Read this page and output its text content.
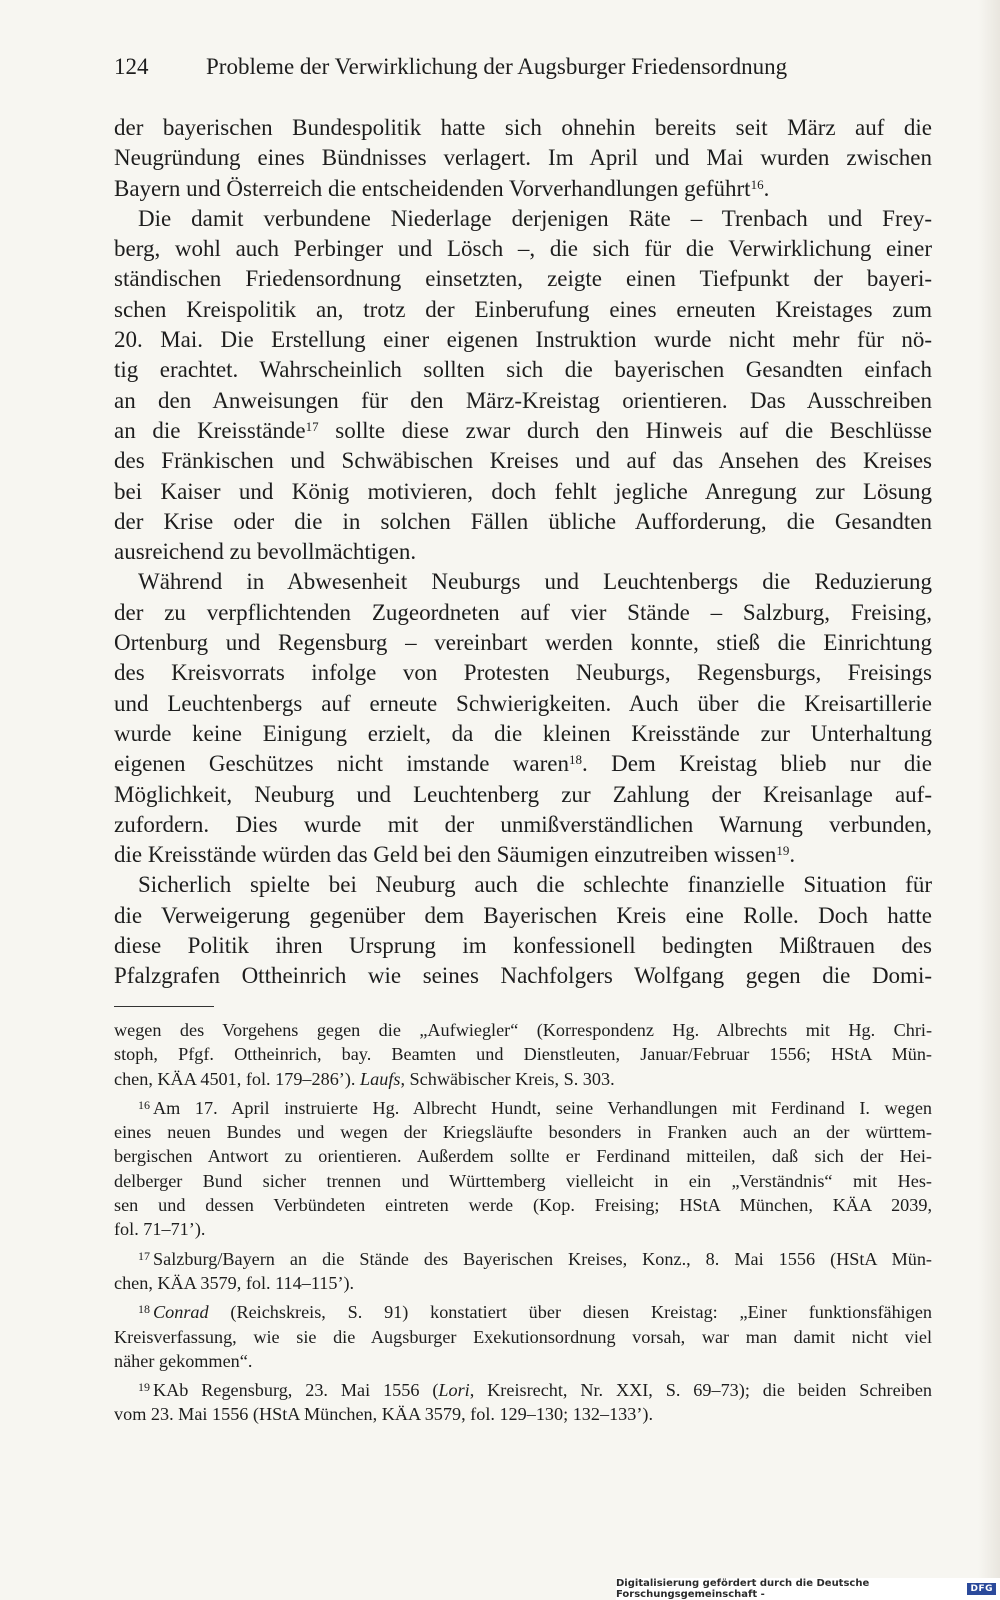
124	Probleme der Verwirklichung der Augsburger Friedensordnung
der bayerischen Bundespolitik hatte sich ohnehin bereits seit März auf die
Neugründung eines Bündnisses verlagert. Im April und Mai wurden zwischen
Bayern und Österreich die entscheidenden Vorverhandlungen geführt$^{16}$.
Die damit verbundene Niederlage derjenigen Räte – Trenbach und Frey-
berg, wohl auch Perbinger und Lösch –, die sich für die Verwirklichung einer
ständischen Friedensordnung einsetzten, zeigte einen Tiefpunkt der bayeri-
schen Kreispolitik an, trotz der Einberufung eines erneuten Kreistages zum
20. Mai. Die Erstellung einer eigenen Instruktion wurde nicht mehr für nö-
tig erachtet. Wahrscheinlich sollten sich die bayerischen Gesandten einfach
an den Anweisungen für den März-Kreistag orientieren. Das Ausschreiben
an die Kreisstände$^{17}$ sollte diese zwar durch den Hinweis auf die Beschlüsse
des Fränkischen und Schwäbischen Kreises und auf das Ansehen des Kreises
bei Kaiser und König motivieren, doch fehlt jegliche Anregung zur Lösung
der Krise oder die in solchen Fällen übliche Aufforderung, die Gesandten
ausreichend zu bevollmächtigen.
Während in Abwesenheit Neuburgs und Leuchtenbergs die Reduzierung
der zu verpflichtenden Zugeordneten auf vier Stände – Salzburg, Freising,
Ortenburg und Regensburg – vereinbart werden konnte, stieß die Einrichtung
des Kreisvorrats infolge von Protesten Neuburgs, Regensburgs, Freisings
und Leuchtenbergs auf erneute Schwierigkeiten. Auch über die Kreisartillerie
wurde keine Einigung erzielt, da die kleinen Kreisstände zur Unterhaltung
eigenen Geschützes nicht imstande waren$^{18}$. Dem Kreistag blieb nur die
Möglichkeit, Neuburg und Leuchtenberg zur Zahlung der Kreisanlage auf-
zufordern. Dies wurde mit der unmißverständlichen Warnung verbunden,
die Kreisstände würden das Geld bei den Säumigen einzutreiben wissen$^{19}$.
Sicherlich spielte bei Neuburg auch die schlechte finanzielle Situation für
die Verweigerung gegenüber dem Bayerischen Kreis eine Rolle. Doch hatte
diese Politik ihren Ursprung im konfessionell bedingten Mißtrauen des
Pfalzgrafen Ottheinrich wie seines Nachfolgers Wolfgang gegen die Domi-
wegen des Vorgehens gegen die „Aufwiegler“ (Korrespondenz Hg. Albrechts mit Hg. Chri-
stoph, Pfgf. Ottheinrich, bay. Beamten und Dienstleuten, Januar/Februar 1556; HStA Mün-
chen, KÄA 4501, fol. 179–286’). Laufs, Schwäbischer Kreis, S. 303.
$^{16}$ Am 17. April instruierte Hg. Albrecht Hundt, seine Verhandlungen mit Ferdinand I. wegen
eines neuen Bundes und wegen der Kriegsläufte besonders in Franken auch an der württem-
bergischen Antwort zu orientieren. Außerdem sollte er Ferdinand mitteilen, daß sich der Hei-
delberger Bund sicher trennen und Württemberg vielleicht in ein „Verständnis“ mit Hes-
sen und dessen Verbündeten eintreten werde (Kop. Freising; HStA München, KÄA 2039,
fol. 71–71’).
$^{17}$ Salzburg/Bayern an die Stände des Bayerischen Kreises, Konz., 8. Mai 1556 (HStA Mün-
chen, KÄA 3579, fol. 114–115’).
$^{18}$ Conrad (Reichskreis, S. 91) konstatiert über diesen Kreistag: „Einer funktionsfähigen
Kreisverfassung, wie sie die Augsburger Exekutionsordnung vorsah, war man damit nicht viel
näher gekommen“.
$^{19}$ KAb Regensburg, 23. Mai 1556 (Lori, Kreisrecht, Nr. XXI, S. 69–73); die beiden Schreiben
vom 23. Mai 1556 (HStA München, KÄA 3579, fol. 129–130; 132–133’).
Digitalisierung gefördert durch die Deutsche Forschungsgemeinschaft -	DFG
